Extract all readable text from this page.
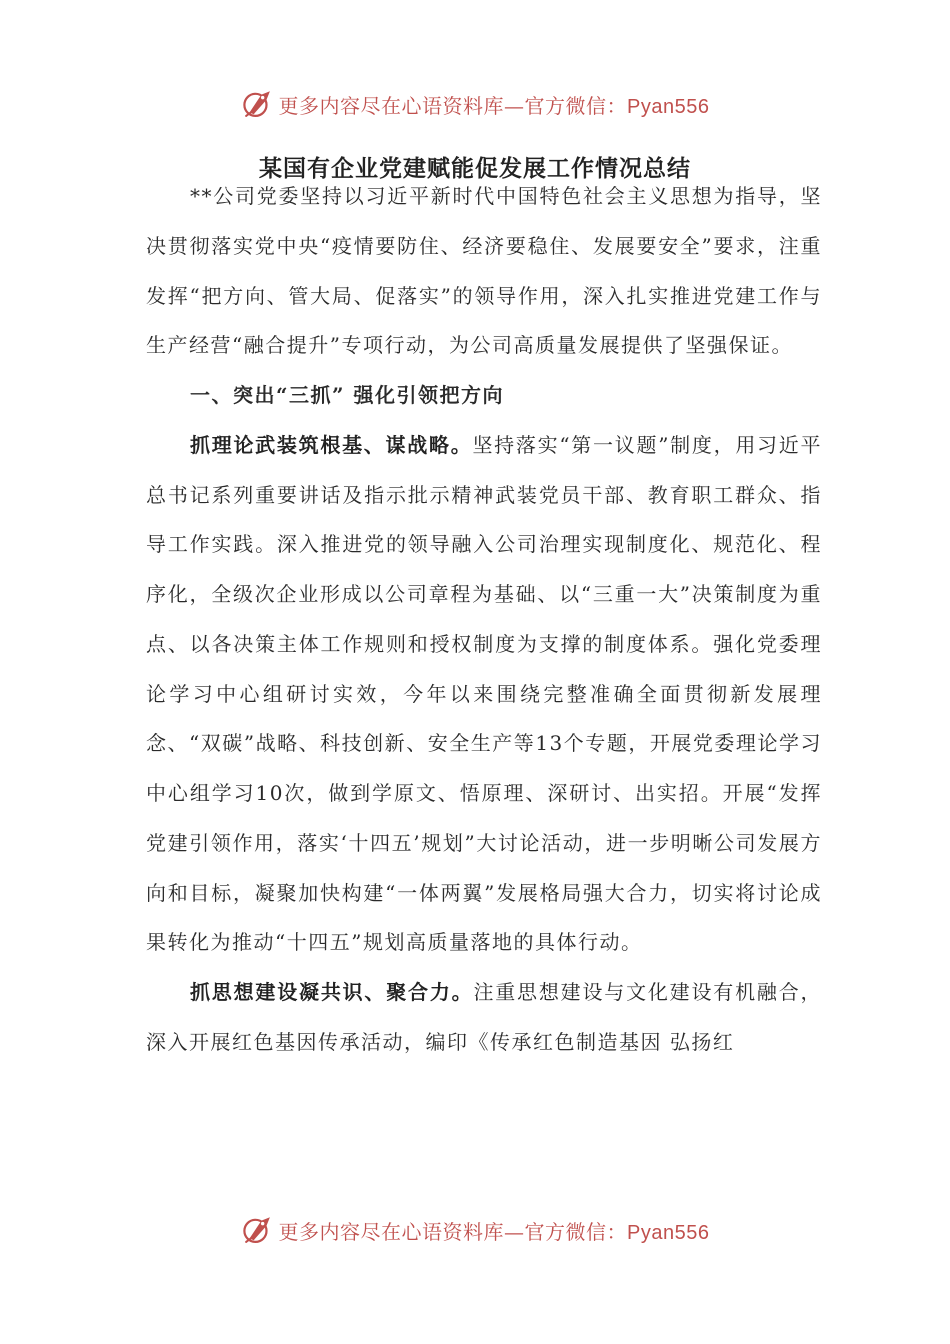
更多内容尽在心语资料库—官方微信：Pyan556
某国有企业党建赋能促发展工作情况总结

**公司党委坚持以习近平新时代中国特色社会主义思想为指导，坚决贯彻落实党中央“疫情要防住、经济要稳住、发展要安全”要求，注重发挥“把方向、管大局、促落实”的领导作用，深入扎实推进党建工作与生产经营“融合提升”专项行动，为公司高质量发展提供了坚强保证。

一、突出“三抓” 强化引领把方向

抓理论武装筑根基、谋战略。坚持落实“第一议题”制度，用习近平总书记系列重要讲话及指示批示精神武装党员干部、教育职工群众、指导工作实践。深入推进党的领导融入公司治理实现制度化、规范化、程序化，全级次企业形成以公司章程为基础、以“三重一大”决策制度为重点、以各决策主体工作规则和授权制度为支撑的制度体系。强化党委理论学习中心组研讨实效，今年以来围绕完整准确全面贯彻新发展理念、“双碳”战略、科技创新、安全生产等13个专题，开展党委理论学习中心组学习10次，做到学原文、悟原理、深研讨、出实招。开展“发挥党建引领作用，落实‘十四五’规划”大讨论活动，进一步明晰公司发展方向和目标，凝聚加快构建“一体两翼”发展格局强大合力，切实将讨论成果转化为推动“十四五”规划高质量落地的具体行动。

抓思想建设凝共识、聚合力。注重思想建设与文化建设有机融合，深入开展红色基因传承活动，编印《传承红色制造基因 弘扬红

更多内容尽在心语资料库—官方微信：Pyan556
